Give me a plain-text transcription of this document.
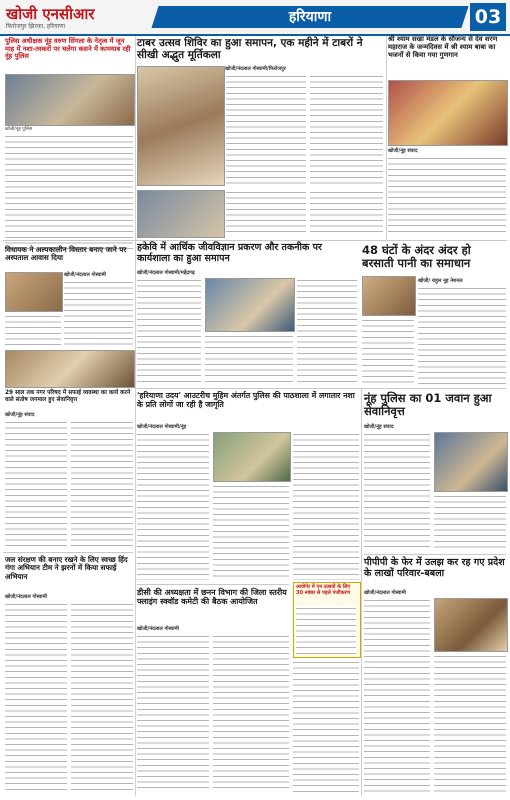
खोजी एनसीआर
फिरोजपुर झिरका, हरियाणा
हरियाणा	03
पुलिस अधीक्षक नूंह वरुण सिंगला के नेतृत्व में जून माह में नशा-तस्करों पर चलेगा कसने में कामयाब रही नूंह पुलिस
खोजी/नूंह पुलिस
टाबर उत्सव शिविर का हुआ समापन, एक महीने में टाबरों ने सीखी अद्भुत मूर्तिकला
खोजी/नंदलाल गोस्वामी/फिरोजपुर
श्री श्याम सखा मंडल के सौजन्य से देव शरण महाराज के जन्मदिवस में श्री श्याम बाबा का भजनों से किया गया गुणगान
खोजी/नूंह संवाद
विधायक ने अल्पकालीन विस्तार बनाए जाने पर अस्पताल आवास दिया
खोजी/नंदलाल गोस्वामी
हकेवि में आर्थिक जीवविज्ञान प्रकरण और तकनीक पर कार्यशाला का हुआ समापन
खोजी/नंदलाल गोस्वामी/महेंद्रगढ़
48 घंटों के अंदर अंदर हो बरसाती पानी का समाधान
खोजी/ राहुल नूह नेशनल
29 साल तक नगर परिषद में सफाई व्यवस्था का कार्य करने वाले संतोष जगमाल हुए सेवानिवृत्त
खोजी/नूंह संवाद
'हरियाणा उदय' आउटरीच मुहिम अंतर्गत पुलिस की पाठशाला में लगातार नशा के प्रति लोगों जा रही है जागृति
खोजी/नंदलाल गोस्वामी/नूंह
नूंह पुलिस का 01 जवान हुआ सेवानिवृत्त
खोजी/नूंह संवाद
आवोगेर में एन उत्सवों के लिए 30 नवंबर से पहले पंजीकरण
जल संरक्षण की बनाए रखने के लिए स्वच्छ हिंद गंगा अभियान टीम ने झरनों में किया सफाई अभियान
खोजी/नंदलाल गोस्वामी	डीसी की अध्यक्षता में छनन विभाग की जिला स्तरीय फ्लाइंग स्क्वॉड कमेटी की बैठक आयोजित
खोजी/नंदलाल गोस्वामी
पीपीपी के फेर में उलझ कर रह गए प्रदेश के लाखों परिवार-बबला
खोजी/नंदलाल गोस्वामी
